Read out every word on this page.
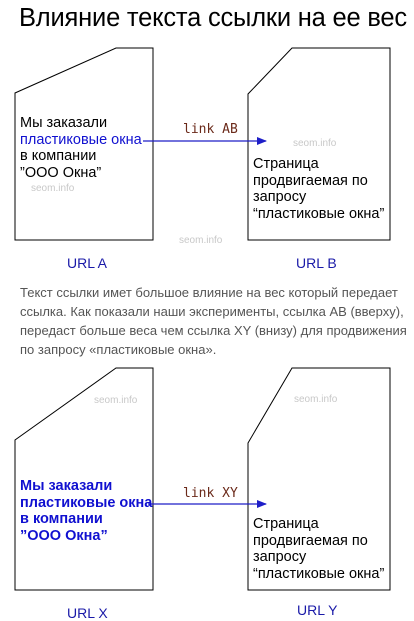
Влияние текста ссылки на ее вес
Мы заказали
пластиковые окна
в компании
”ООО Окна”
Страница
продвигаемая по
запросу
“пластиковые окна”
link AB
URL A	URL B
seom.info
seom.info
seom.info
Текст ссылки имет большое влияние на вес который передает ссылка. Как показали наши эксперименты, ссылка AB (вверху), передаст больше веса чем ссылка XY (внизу) для продвижения по запросу «пластиковые окна».
Мы заказали
пластиковые окна
в компании
”ООО Окна”
Страница
продвигаемая по
запросу
“пластиковые окна”
link XY
URL X	URL Y
seom.info	seom.info
